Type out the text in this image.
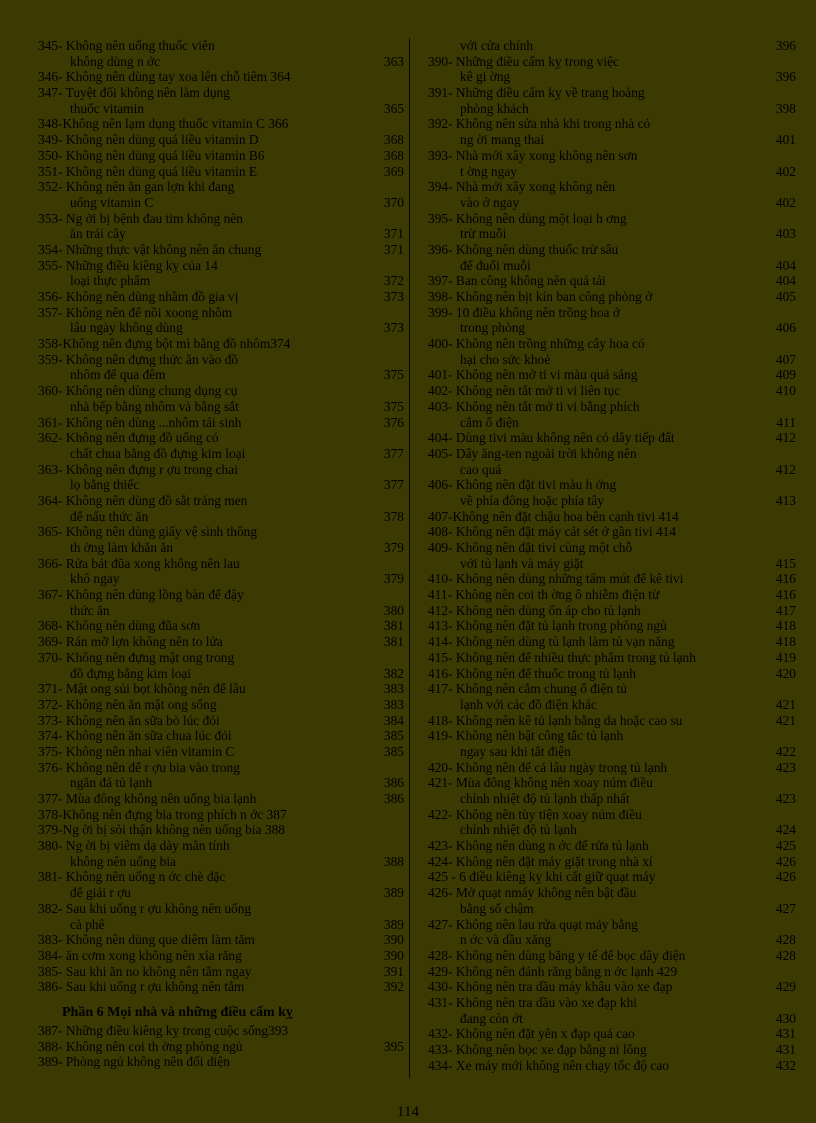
345- Không nên uống thuốc viên
không dùng n ớc	363
346- Không nên dùng tay xoa lên chỗ tiêm 364
347- Tuyệt đối không nên làm dụng
thuốc vitamin	365
348-Không nên lạm dụng thuốc vitamin C 366
349- Không nên dùng quá liều vitamin D	368
350- Không nên dùng quá liều vitamin B6	368
351- Không nên dùng quá liều vitamin E	369
352- Không nên ăn gan lợn khi đang
uống vitamin C	370
353- Ng ời bị bệnh đau tim không nên
ăn trái cây	371
354- Những thực vật không nên ăn chung	371
355- Những điều kiêng kỵ của 14
loại thực phẩm	372
356- Không nên dùng nhầm đồ gia vị	373
357- Không nên để nồi xoong nhôm
lâu ngày không dùng	373
358-Không nên đựng bột mì bằng đồ nhôm374
359- Không nên đựng thức ăn vào đồ
nhôm để qua đêm	375
360- Không nên dùng chung dụng cụ
nhà bếp bằng nhôm và bằng sắt	375
361- Không nên dùng ...nhôm tái sinh	376
362- Không nên đựng đồ uống có
chất chua bằng đồ đựng kim loại	377
363- Không nên đựng r ợu trong chai
lọ bằng thiếc	377
364- Không nên dùng đồ sắt tráng men
để nấu thức ăn	378
365- Không nên dùng giấy vệ sinh thông
th ờng làm khăn ăn	379
366- Rửa bát đũa xong không nên lau
khô ngay	379
367- Không nên dùng lồng bàn để đậy
thức ăn	380
368- Không nên dùng đũa sơn	381
369- Rán mỡ lợn không nên to lửa	381
370- Không nên đựng mật ong trong
đồ đựng bằng kim loại	382
371- Mật ong sủi bọt không nên để lâu	383
372- Không nên ăn mật ong sống	383
373- Không nên ăn sữa bò lúc đói	384
374- Không nên ăn sữa chua lúc đói	385
375- Không nên nhai viên vitamin C	385
376- Không nên để r ợu bia vào trong
ngăn đá tủ lạnh	386
377- Mùa đông không nên uống bia lạnh	386
378-Không nên đựng bia trong phích n ớc 387
379-Ng ời bị sỏi thận không nên uống bia 388
380- Ng ời bị viêm dạ dày mãn tính
không nên uống bia	388
381- Không nên uống n ớc chè đặc
để giải r ợu	389
382- Sau khi uống r ợu không nên uống
cà phê	389
383- Không nên dùng que diêm làm tăm	390
384- ăn cơm xong không nên xỉa răng	390
385- Sau khi ăn no không nên tắm ngay	391
386- Sau khi uống r ợu không nên tắm	392
Phần 6 Mọi nhà và những điều cấm kỵ
387- Những điều kiêng kỵ trong cuộc sống393
388- Không nên coi th ờng phòng ngủ	395
389- Phòng ngủ không nên đối diện
với cửa chính	396
390- Những điều cấm kỵ trong việc
kê gi ờng	396
391- Những điều cấm kỵ về trang hoàng
phòng khách	398
392- Không nên sửa nhà khi trong nhà có
ng ời mang thai	401
393- Nhà mới xây xong không nên sơn
t ờng ngay	402
394- Nhà mới xây xong không nên
vào ở ngay	402
395- Không nên dùng một loại h ơng
trừ muỗi	403
396- Không nên dùng thuốc trừ sâu
để đuổi muỗi	404
397- Ban công không nên quá tải	404
398- Không nên bịt kín ban công phòng ở	405
399- 10 điều không nên trồng hoa ở
trong phòng	406
400- Không nên trồng những cây hoa có
hại cho sức khoẻ	407
401- Không nên mở ti vi màu quá sáng	409
402- Không nên tắt mở ti vi liên tục	410
403- Không nên tắt mở ti vi bằng phích
cắm ổ điện	411
404- Dùng tivi màu không nên có dây tiếp đất	412
405- Dây ăng-ten ngoài trời không nên
cao quá	412
406- Không nên đặt tivi màu h ớng
về phía đông hoặc phía tây	413
407-Không nên đặt chậu hoa bên cạnh tivi 414
408- Không nên đặt máy cát sét ở gần tivi 414
409- Không nên đặt tivi cùng một chỗ
với tủ lạnh và máy giặt	415
410- Không nên dùng những tấm mút để kê tivi	416
411- Không nên coi th ờng ô nhiễm điện từ	416
412- Không nên dùng ổn áp cho tủ lạnh	417
413- Không nên đặt tủ lạnh trong phòng ngủ	418
414- Không nên dùng tủ lạnh làm tủ vạn năng	418
415- Không nên để nhiều thực phẩm trong tủ lạnh	419
416- Không nên để thuốc trong tủ lạnh	420
417- Không nên cắm chung ổ điện tủ
lạnh với các đồ điện khác	421
418- Không nên kê tủ lạnh bằng da hoặc cao su	421
419- Không nên bật công tắc tủ lạnh
ngay sau khi tắt điện	422
420- Không nên để cá lâu ngày trong tủ lạnh	423
421- Mùa đông không nên xoay núm điều
chỉnh nhiệt độ tủ lạnh thấp nhất	423
422- Không nên tùy tiện xoay núm điều
chỉnh nhiệt độ tủ lạnh	424
423- Không nên dùng n ớc để rửa tủ lạnh	425
424- Không nên đặt máy giặt trong nhà xí	426
425 - 6 điều kiêng kỵ khi cất giữ quạt máy	426
426- Mở quạt nmáy không nên bật đầu
bằng số chậm	427
427- Không nên lau rửa quạt máy bằng
n ớc và dầu xăng	428
428- Không nên dùng băng y tế để bọc dây điện	428
429- Không nên đánh răng bằng n ớc lạnh 429
430- Không nên tra dầu máy khâu vào xe đạp	429
431- Không nên tra dầu vào xe đạp khi
đang còn ớt	430
432- Không nên đặt yên x đạp quá cao	431
433- Không nên bọc xe đạp bằng ni lông	431
434- Xe máy mới không nên chạy tốc độ cao	432
114
